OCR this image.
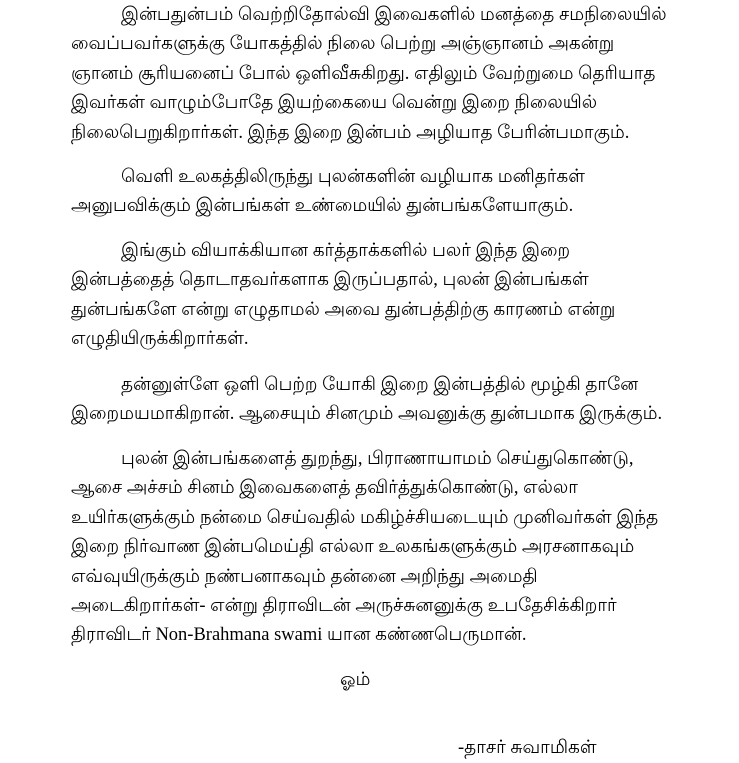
இன்பதுன்பம் வெற்றிதோல்வி இவைகளில் மனத்தை சமநிலையில்
வைப்பவர்களுக்கு யோகத்தில் நிலை பெற்று அஞ்ஞானம் அகன்று
ஞானம் சூரியனைப் போல் ஒளிவீசுகிறது. எதிலும் வேற்றுமை தெரியாத
இவர்கள் வாழும்போதே இயற்கையை வென்று இறை நிலையில்
நிலைபெறுகிறார்கள். இந்த இறை இன்பம் அழியாத பேரின்பமாகும்.
வெளி உலகத்திலிருந்து புலன்களின் வழியாக மனிதர்கள்
அனுபவிக்கும் இன்பங்கள் உண்மையில் துன்பங்களேயாகும்.
இங்கும் வியாக்கியான கர்த்தாக்களில் பலர் இந்த இறை
இன்பத்தைத் தொடாதவர்களாக இருப்பதால், புலன் இன்பங்கள்
துன்பங்களே என்று எழுதாமல் அவை துன்பத்திற்கு காரணம் என்று
எழுதியிருக்கிறார்கள்.
தன்னுள்ளே ஒளி பெற்ற யோகி இறை இன்பத்தில் மூழ்கி தானே
இறைமயமாகிறான். ஆசையும் சினமும் அவனுக்கு துன்பமாக இருக்கும்.
புலன் இன்பங்களைத் துறந்து, பிராணாயாமம் செய்துகொண்டு,
ஆசை அச்சம் சினம் இவைகளைத் தவிர்த்துக்கொண்டு, எல்லா
உயிர்களுக்கும் நன்மை செய்வதில் மகிழ்ச்சியடையும் முனிவர்கள் இந்த
இறை நிர்வாண இன்பமெய்தி எல்லா உலகங்களுக்கும் அரசனாகவும்
எவ்வுயிருக்கும் நண்பனாகவும் தன்னை அறிந்து அமைதி
அடைகிறார்கள்- என்று திராவிடன் அருச்சுனனுக்கு உபதேசிக்கிறார்
திராவிடர் Non-Brahmana swami யான கண்ணபெருமான்.
ஓம்
-தாசர் சுவாமிகள்
